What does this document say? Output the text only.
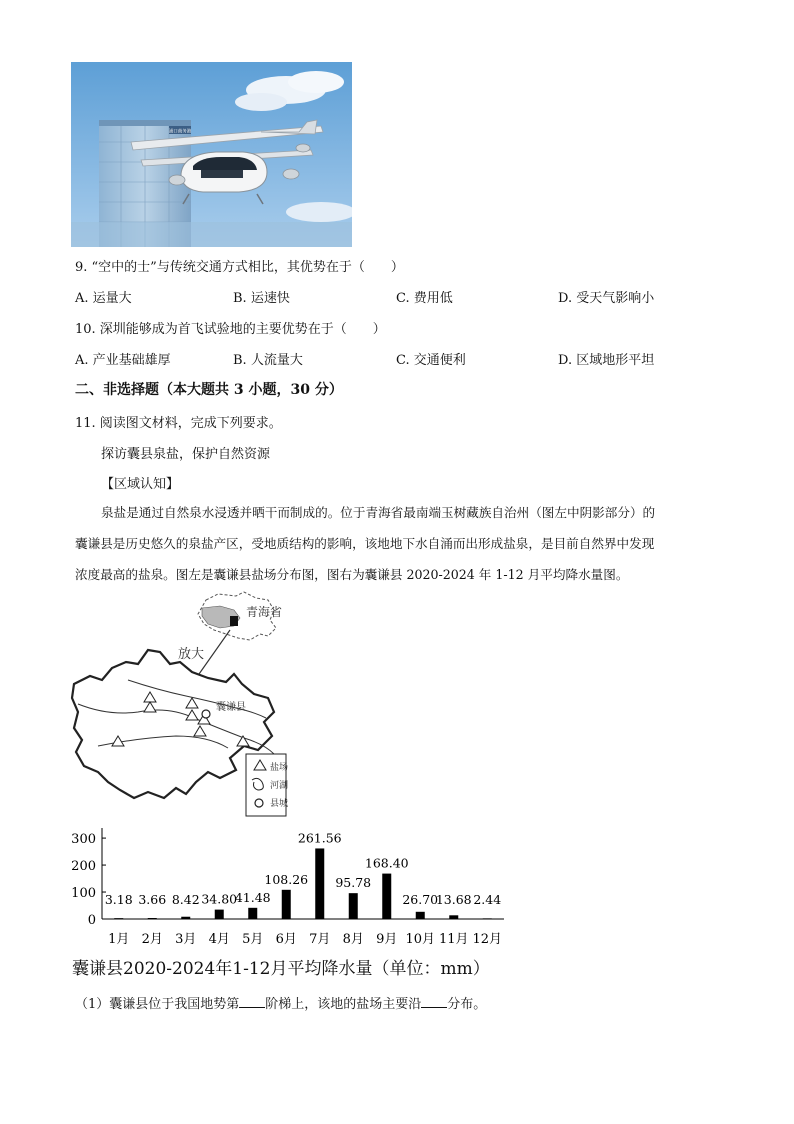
浦口商务港
9. “空中的士”与传统交通方式相比，其优势在于（　　）
A. 运量大	B. 运速快	C. 费用低	D. 受天气影响小
10. 深圳能够成为首飞试验地的主要优势在于（　　）
A. 产业基础雄厚	B. 人流量大	C. 交通便利	D. 区域地形平坦
二、非选择题（本大题共 3 小题，30 分）
11. 阅读图文材料，完成下列要求。
探访囊县泉盐，保护自然资源
【区域认知】
泉盐是通过自然泉水浸透并晒干而制成的。位于青海省最南端玉树藏族自治州（图左中阴影部分）的
囊谦县是历史悠久的泉盐产区，受地质结构的影响，该地地下水自涌而出形成盐泉，是目前自然界中发现
浓度最高的盐泉。图左是囊谦县盐场分布图，图右为囊谦县 2020-2024 年 1-12 月平均降水量图。
青海省
放大
囊谦县
盐场
河湖
县城
0
100
200
300
3.18
1月
3.66
2月
8.42
3月
34.80
4月
41.48
5月
108.26
6月
261.56
7月
95.78
8月
168.40
9月
26.70
10月
13.68
11月
2.44
12月
囊谦县2020-2024年1-12月平均降水量（单位：mm）
（1）囊谦县位于我国地势第 阶梯上，该地的盐场主要沿 分布。
